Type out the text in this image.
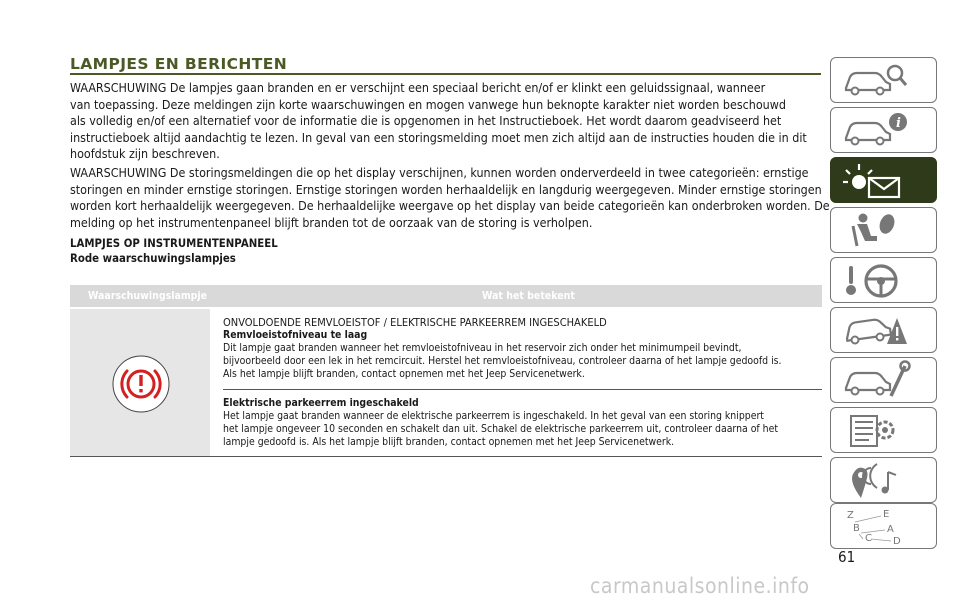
LAMPJES EN BERICHTEN

WAARSCHUWING De lampjes gaan branden en er verschijnt een speciaal bericht en/of er klinkt een geluidssignaal, wanneer
van toepassing. Deze meldingen zijn korte waarschuwingen en mogen vanwege hun beknopte karakter niet worden beschouwd
als volledig en/of een alternatief voor de informatie die is opgenomen in het Instructieboek. Het wordt daarom geadviseerd het
instructieboek altijd aandachtig te lezen. In geval van een storingsmelding moet men zich altijd aan de instructies houden die in dit
hoofdstuk zijn beschreven.

WAARSCHUWING De storingsmeldingen die op het display verschijnen, kunnen worden onderverdeeld in twee categorieën: ernstige
storingen en minder ernstige storingen. Ernstige storingen worden herhaaldelijk en langdurig weergegeven. Minder ernstige storingen
worden kort herhaaldelijk weergegeven. De herhaaldelijke weergave op het display van beide categorieën kan onderbroken worden. De
melding op het instrumentenpaneel blijft branden tot de oorzaak van de storing is verholpen.

LAMPJES OP INSTRUMENTENPANEEL
Rode waarschuwingslampjes
Waarschuwingslampje	Wat het betekent
ONVOLDOENDE REMVLOEISTOF / ELEKTRISCHE PARKEERREM INGESCHAKELD
Remvloeistofniveau te laag
Dit lampje gaat branden wanneer het remvloeistofniveau in het reservoir zich onder het minimumpeil bevindt,
bijvoorbeeld door een lek in het remcircuit. Herstel het remvloeistofniveau, controleer daarna of het lampje gedoofd is.
Als het lampje blijft branden, contact opnemen met het Jeep Servicenetwerk.
Elektrische parkeerrem ingeschakeld
Het lampje gaat branden wanneer de elektrische parkeerrem is ingeschakeld. In het geval van een storing knippert
het lampje ongeveer 10 seconden en schakelt dan uit. Schakel de elektrische parkeerrem uit, controleer daarna of het
lampje gedoofd is. Als het lampje blijft branden, contact opnemen met het Jeep Servicenetwerk.
i
Z	E
B	A
C D
61
carmanualsonline.info
